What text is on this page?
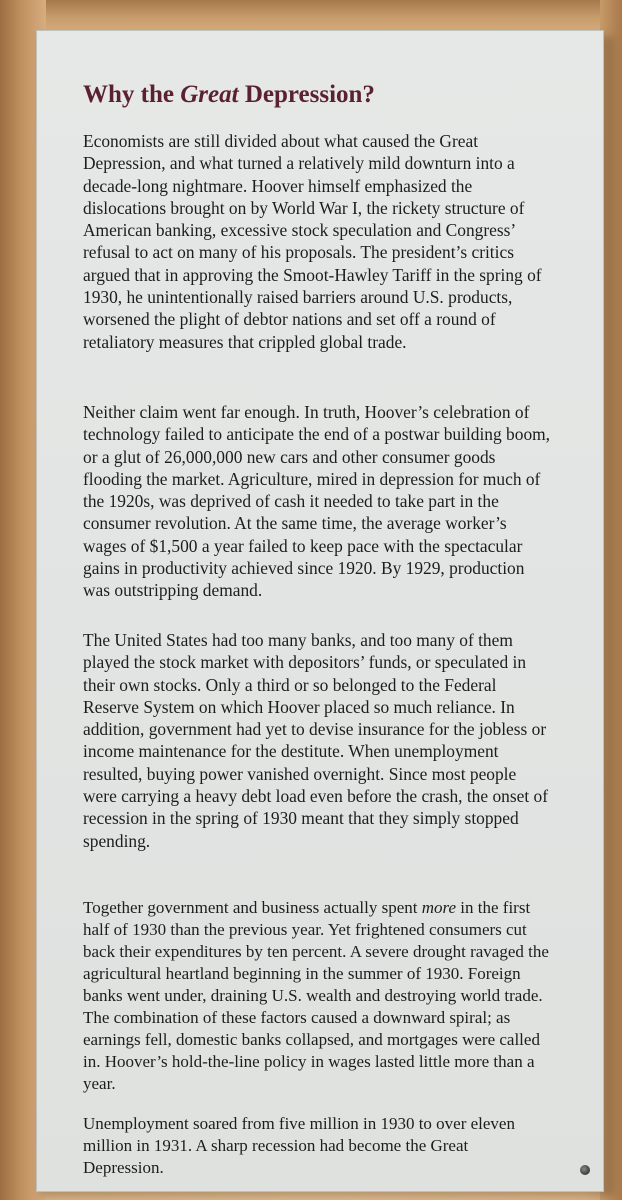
Why the Great Depression?

Economists are still divided about what caused the Great Depression, and what turned a relatively mild downturn into a decade-long nightmare. Hoover himself emphasized the dislocations brought on by World War I, the rickety structure of American banking, excessive stock speculation and Congress’ refusal to act on many of his proposals. The president’s critics argued that in approving the Smoot-Hawley Tariff in the spring of 1930, he unintentionally raised barriers around U.S. products, worsened the plight of debtor nations and set off a round of retaliatory measures that crippled global trade.

Neither claim went far enough. In truth, Hoover’s celebration of technology failed to anticipate the end of a postwar building boom, or a glut of 26,000,000 new cars and other consumer goods flooding the market. Agriculture, mired in depression for much of the 1920s, was deprived of cash it needed to take part in the consumer revolution. At the same time, the average worker’s wages of $1,500 a year failed to keep pace with the spectacular gains in productivity achieved since 1920. By 1929, production was outstripping demand.

The United States had too many banks, and too many of them played the stock market with depositors’ funds, or speculated in their own stocks. Only a third or so belonged to the Federal Reserve System on which Hoover placed so much reliance. In addition, government had yet to devise insurance for the jobless or income maintenance for the destitute. When unemployment resulted, buying power vanished overnight. Since most people were carrying a heavy debt load even before the crash, the onset of recession in the spring of 1930 meant that they simply stopped spending.

Together government and business actually spent more in the first half of 1930 than the previous year. Yet frightened consumers cut back their expenditures by ten percent. A severe drought ravaged the agricultural heartland beginning in the summer of 1930. Foreign banks went under, draining U.S. wealth and destroying world trade. The combination of these factors caused a downward spiral; as earnings fell, domestic banks collapsed, and mortgages were called in. Hoover’s hold-the-line policy in wages lasted little more than a year.

Unemployment soared from five million in 1930 to over eleven million in 1931. A sharp recession had become the Great Depression.
